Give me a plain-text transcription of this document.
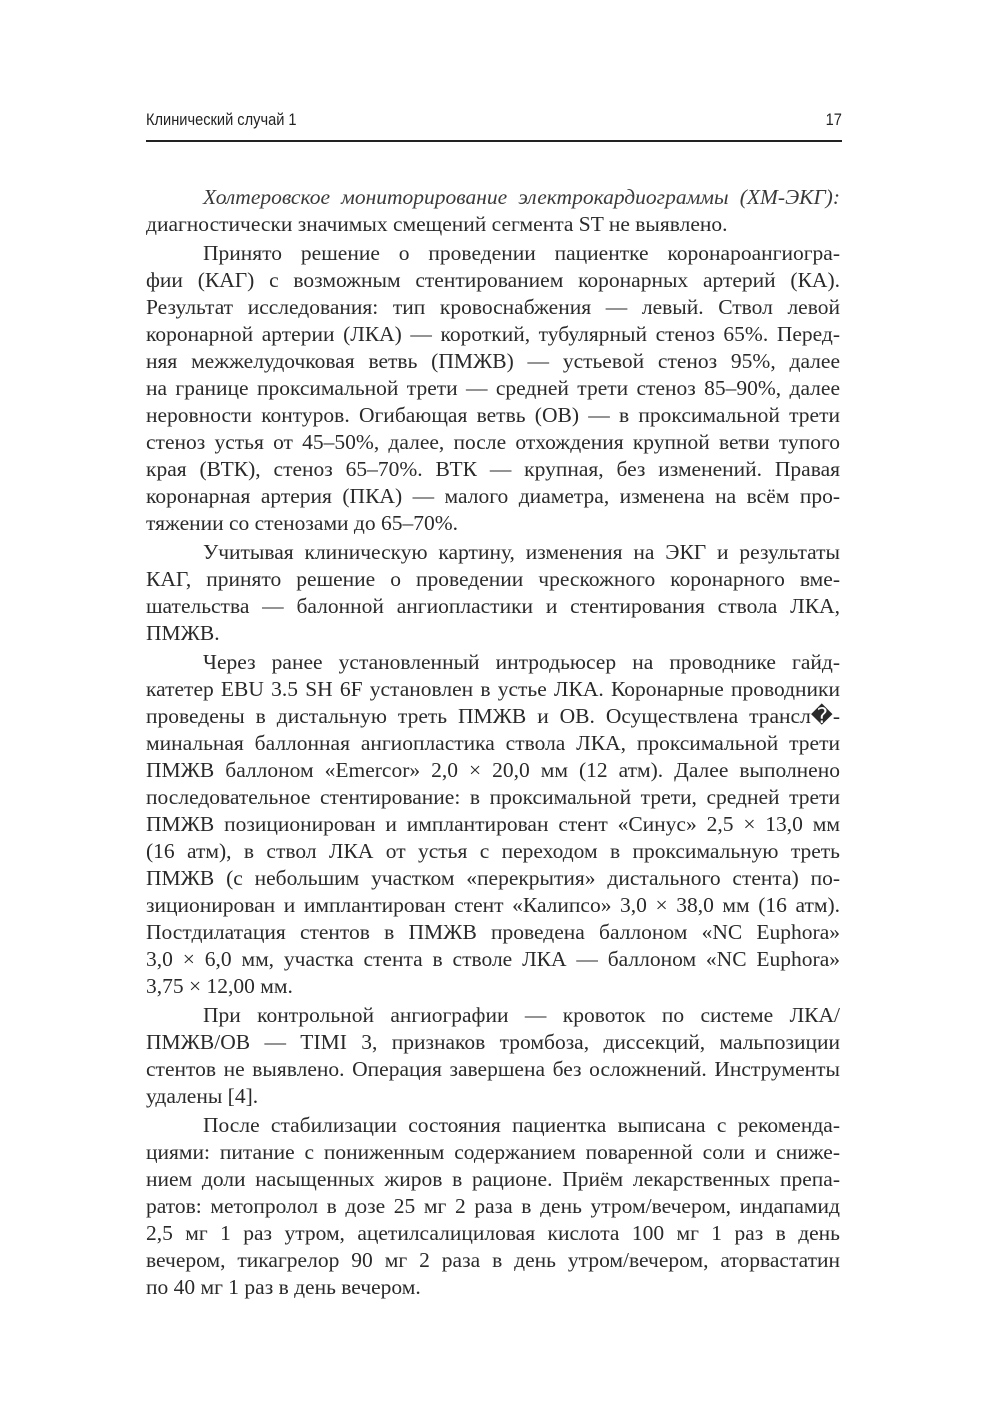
Клинический случай 1	17
Холтеровское мониторирование электрокардиограммы (ХМ-ЭКГ):
диагностически значимых смещений сегмента ST не выявлено.
Принято решение о проведении пациентке коронароангиогра-
фии (КАГ) с возможным стентированием коронарных артерий (КА).
Результат исследования: тип кровоснабжения — левый. Ствол левой
коронарной артерии (ЛКА) — короткий, тубулярный стеноз 65%. Перед-
няя межжелудочковая ветвь (ПМЖВ) — устьевой стеноз 95%, далее
на границе проксимальной трети — средней трети стеноз 85–90%, далее
неровности контуров. Огибающая ветвь (ОВ) — в проксимальной трети
стеноз устья от 45–50%, далее, после отхождения крупной ветви тупого
края (ВТК), стеноз 65–70%. ВТК — крупная, без изменений. Правая
коронарная артерия (ПКА) — малого диаметра, изменена на всём про-
тяжении со стенозами до 65–70%.
Учитывая клиническую картину, изменения на ЭКГ и результаты
КАГ, принято решение о проведении чрескожного коронарного вме-
шательства — балонной ангиопластики и стентирования ствола ЛКА,
ПМЖВ.
Через ранее установленный интродьюсер на проводнике гайд-
катетер EBU 3.5 SH 6F установлен в устье ЛКА. Коронарные проводники
проведены в дистальную треть ПМЖВ и ОВ. Осуществлена трансл�-
минальная баллонная ангиопластика ствола ЛКА, проксимальной трети
ПМЖВ баллоном «Emercor» 2,0 × 20,0 мм (12 атм). Далее выполнено
последовательное стентирование: в проксимальной трети, средней трети
ПМЖВ позиционирован и имплантирован стент «Синус» 2,5 × 13,0 мм
(16 атм), в ствол ЛКА от устья с переходом в проксимальную треть
ПМЖВ (с небольшим участком «перекрытия» дистального стента) по-
зиционирован и имплантирован стент «Калипсо» 3,0 × 38,0 мм (16 атм).
Постдилатация стентов в ПМЖВ проведена баллоном «NC Euphora»
3,0 × 6,0 мм, участка стента в стволе ЛКА — баллоном «NC Euphora»
3,75 × 12,00 мм.
При контрольной ангиографии — кровоток по системе ЛКА/
ПМЖВ/ОВ — TIMI 3, признаков тромбоза, диссекций, мальпозиции
стентов не выявлено. Операция завершена без осложнений. Инструменты
удалены [4].
После стабилизации состояния пациентка выписана с рекоменда-
циями: питание с пониженным содержанием поваренной соли и сниже-
нием доли насыщенных жиров в рационе. Приём лекарственных препа-
ратов: метопролол в дозе 25 мг 2 раза в день утром/вечером, индапамид
2,5 мг 1 раз утром, ацетилсалициловая кислота 100 мг 1 раз в день
вечером, тикагрелор 90 мг 2 раза в день утром/вечером, аторвастатин
по 40 мг 1 раз в день вечером.
